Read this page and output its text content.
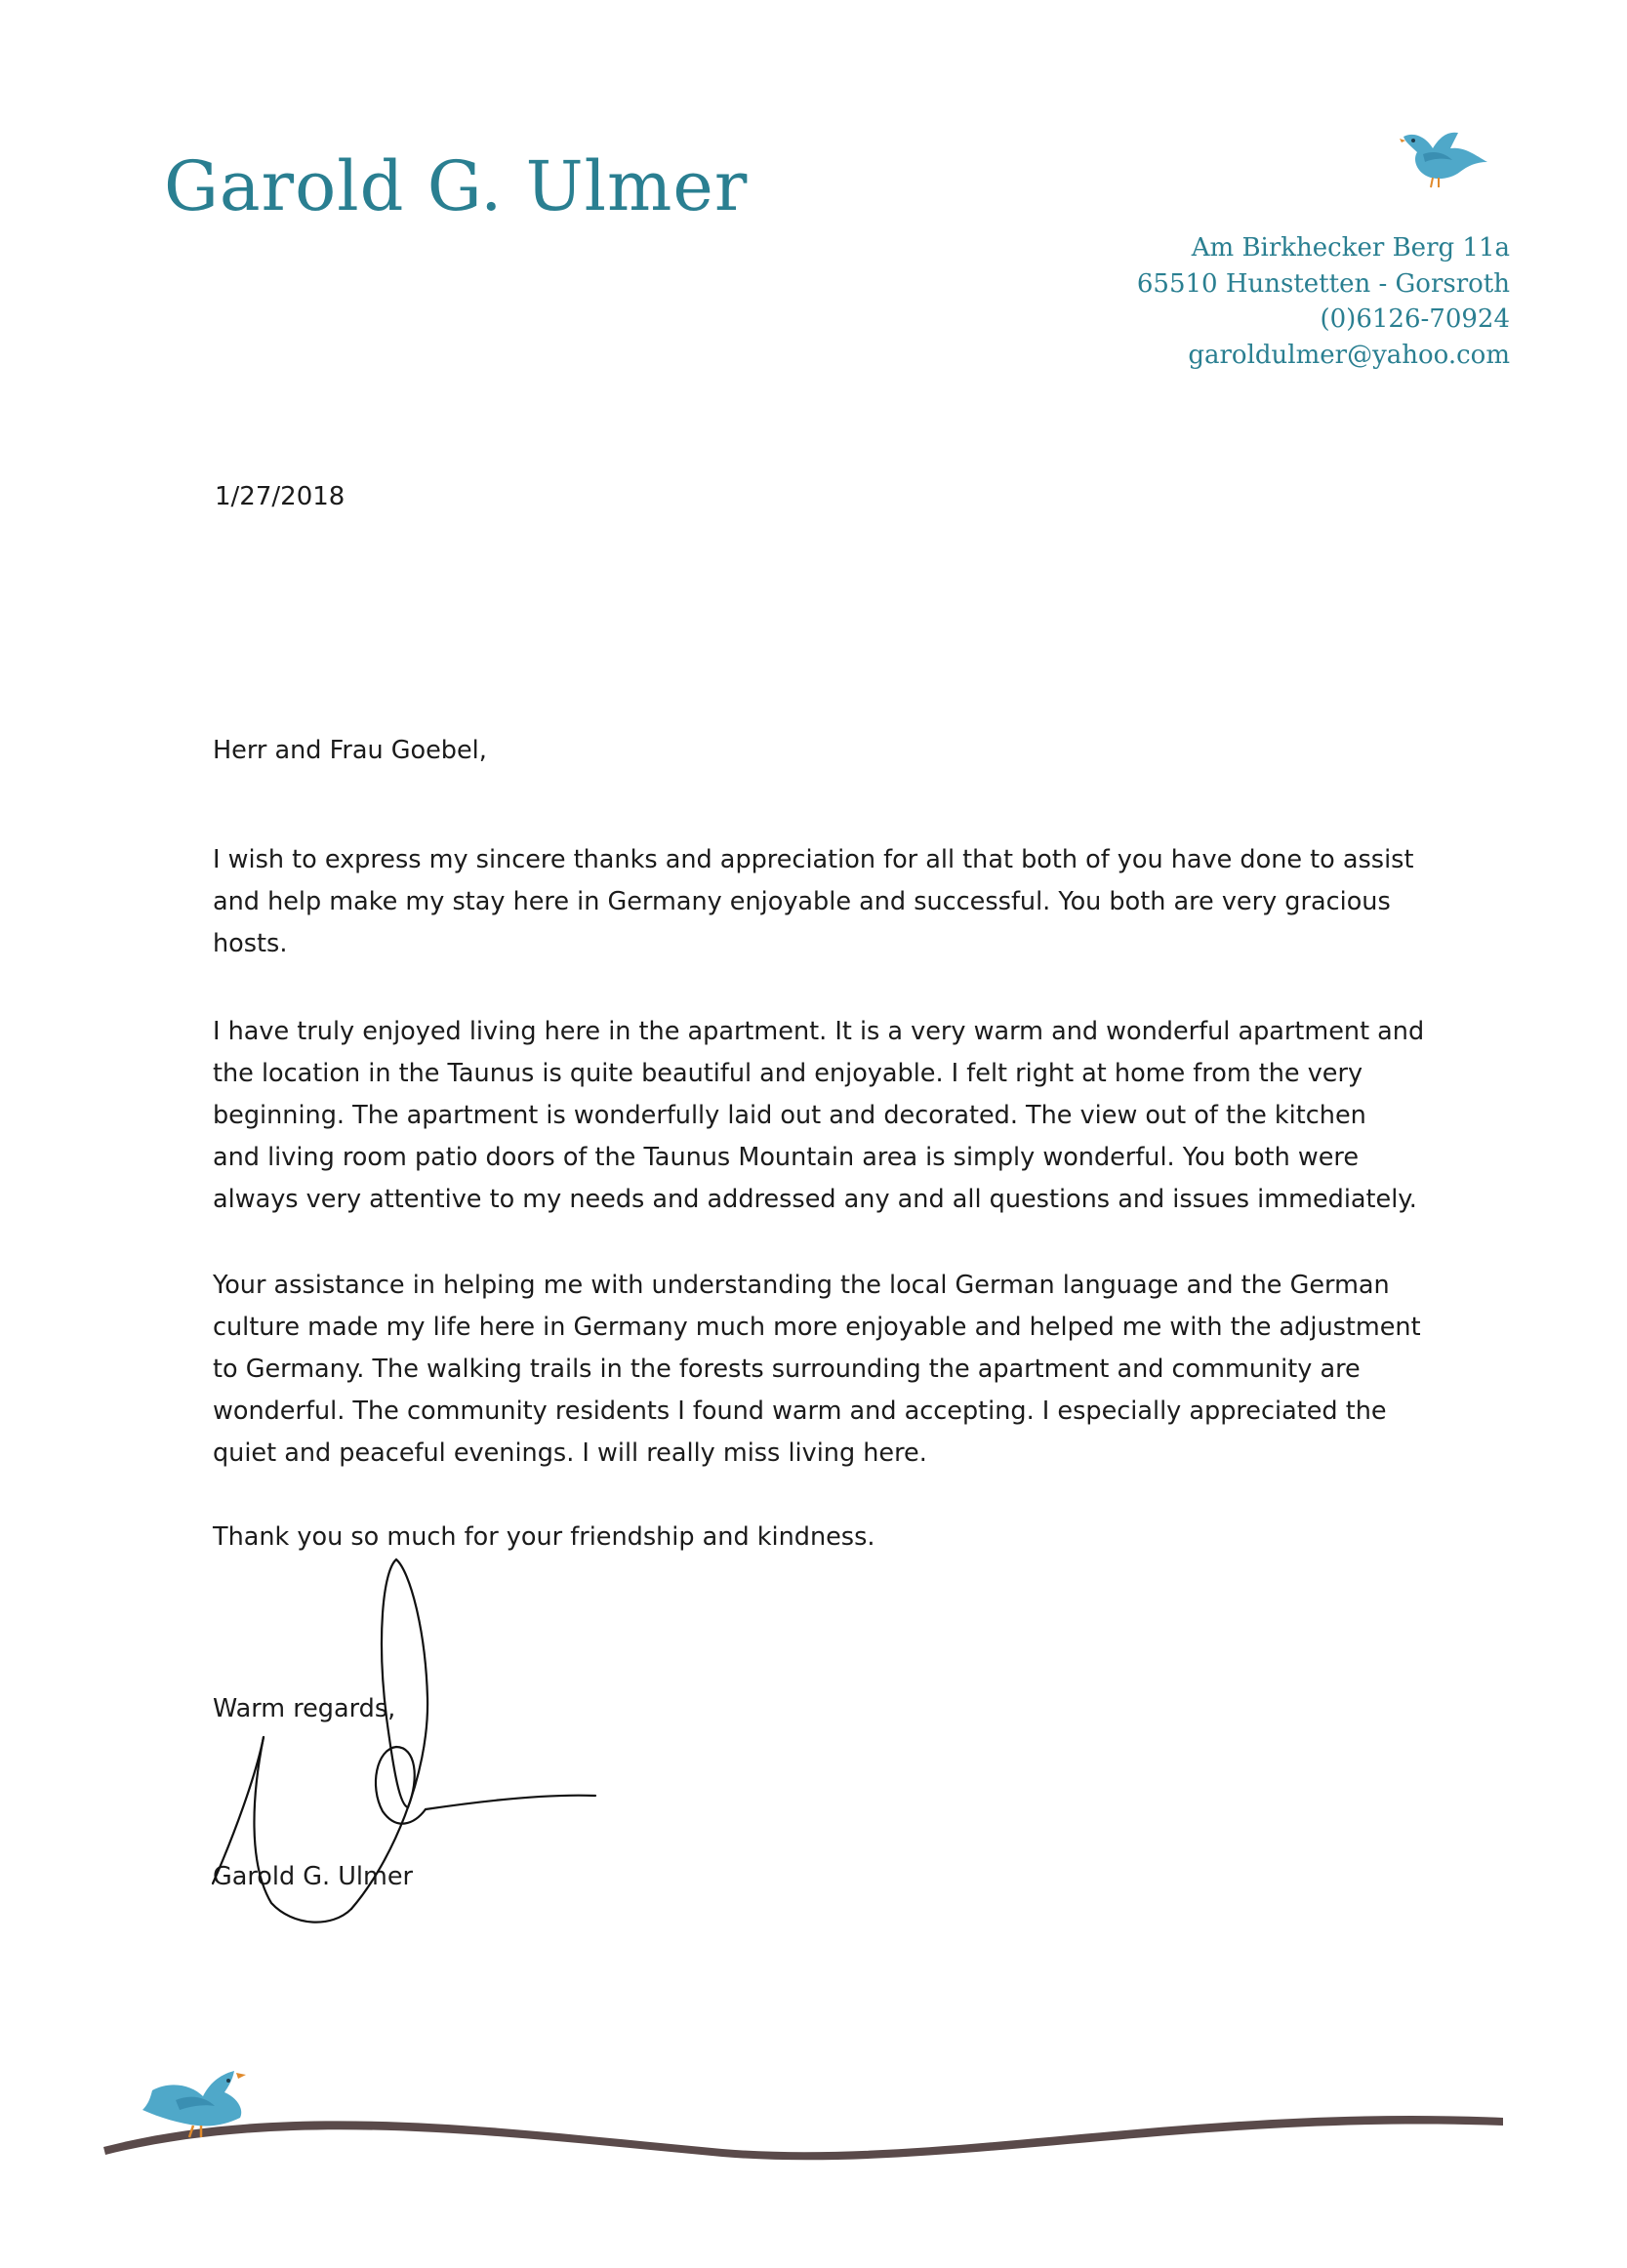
Garold G. Ulmer
Am Birkhecker Berg 11a
65510 Hunstetten - Gorsroth
(0)6126-70924
garoldulmer@yahoo.com
1/27/2018
Herr and Frau Goebel,
I wish to express my sincere thanks and appreciation for all that both of you have done to assist
and help make my stay here in Germany enjoyable and successful. You both are very gracious
hosts.
I have truly enjoyed living here in the apartment. It is a very warm and wonderful apartment and
the location in the Taunus is quite beautiful and enjoyable. I felt right at home from the very
beginning. The apartment is wonderfully laid out and decorated. The view out of the kitchen
and living room patio doors of the Taunus Mountain area is simply wonderful. You both were
always very attentive to my needs and addressed any and all questions and issues immediately.
Your assistance in helping me with understanding the local German language and the German
culture made my life here in Germany much more enjoyable and helped me with the adjustment
to Germany. The walking trails in the forests surrounding the apartment and community are
wonderful. The community residents I found warm and accepting. I especially appreciated the
quiet and peaceful evenings. I will really miss living here.
Thank you so much for your friendship and kindness.
Warm regards,
Garold G. Ulmer
